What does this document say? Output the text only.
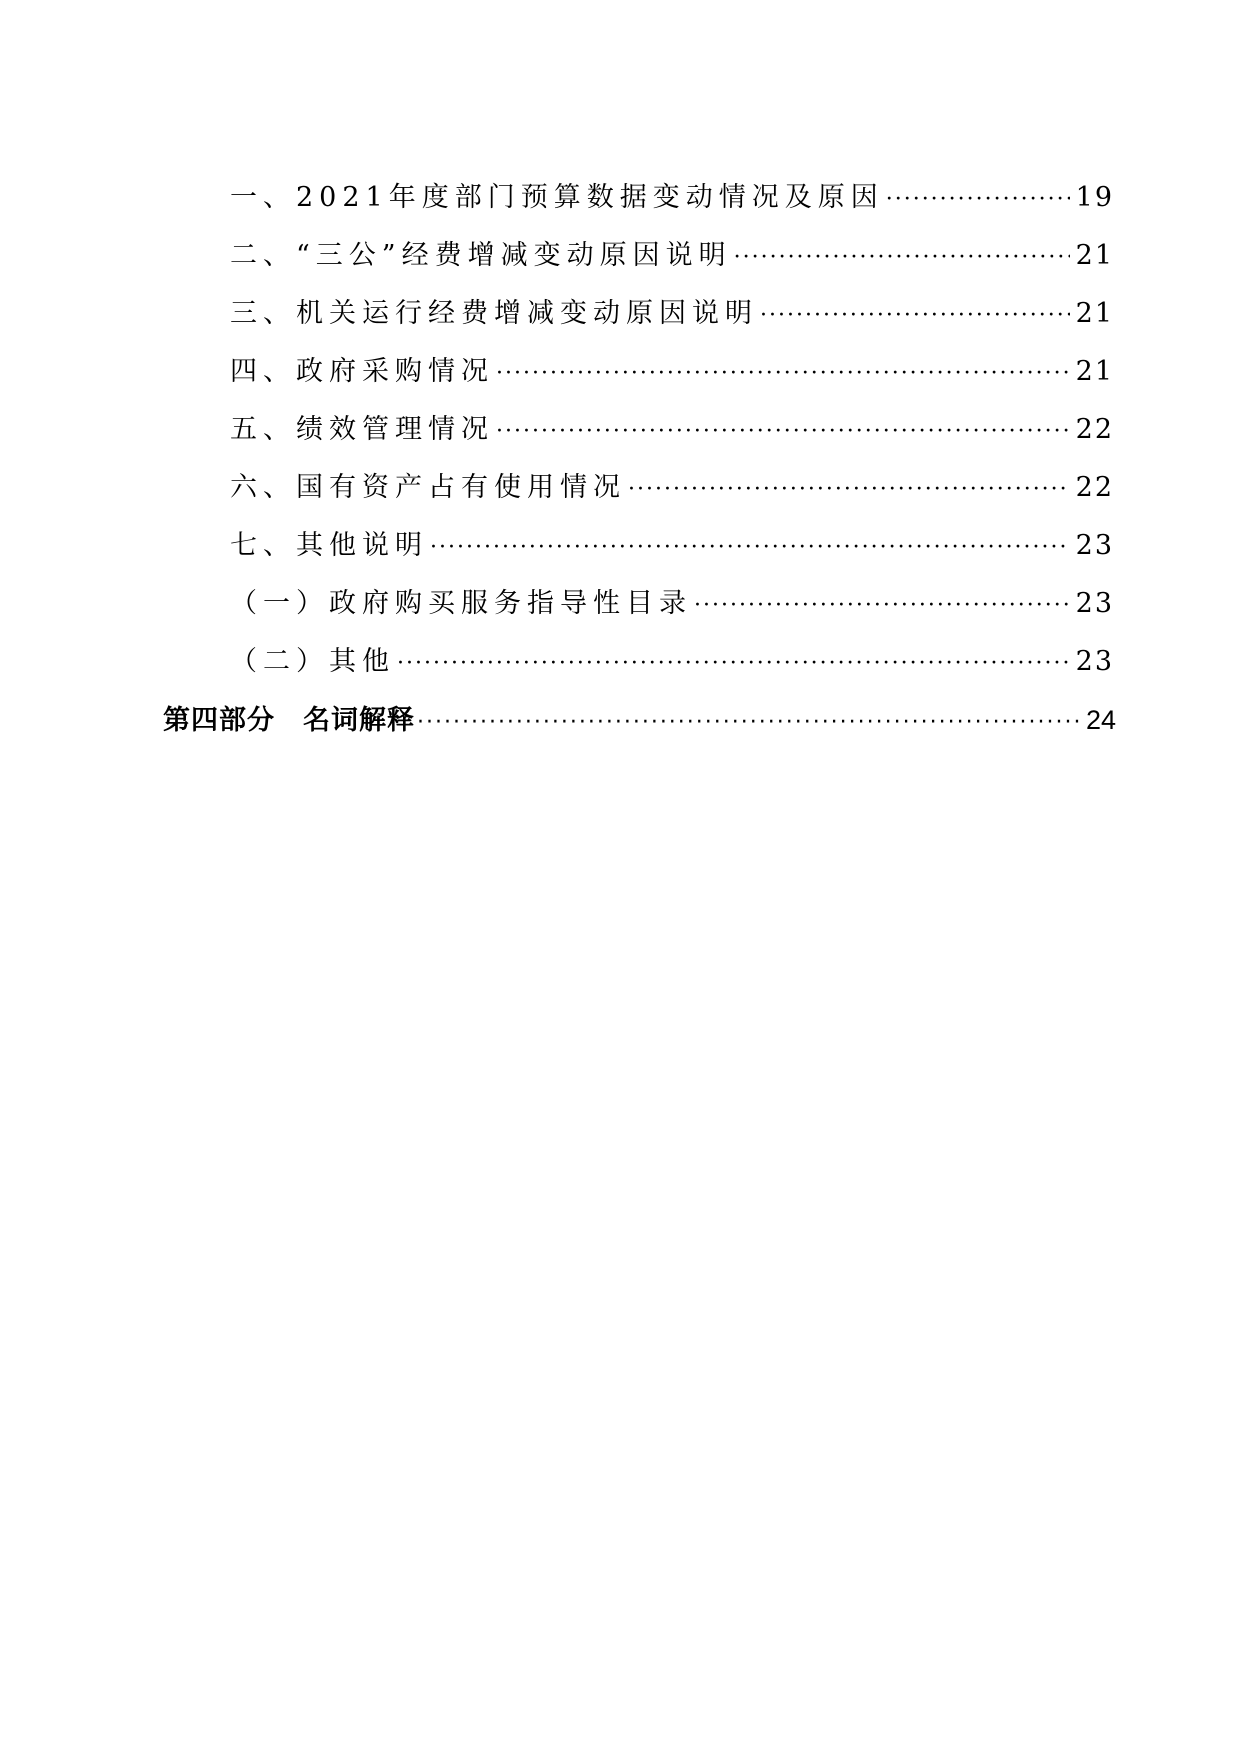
一、2021年度部门预算数据变动情况及原因 ·····	19
二、“三公”经费增减变动原因说明 ·····	21
三、机关运行经费增减变动原因说明 ·····	21
四、政府采购情况 ·····	21
五、绩效管理情况 ·····	22
六、国有资产占有使用情况 ·····	22
七、其他说明 ·····	23
（一）政府购买服务指导性目录 ·····	23
（二）其他 ·····	23
第四部分　名词解释 ·····	24
